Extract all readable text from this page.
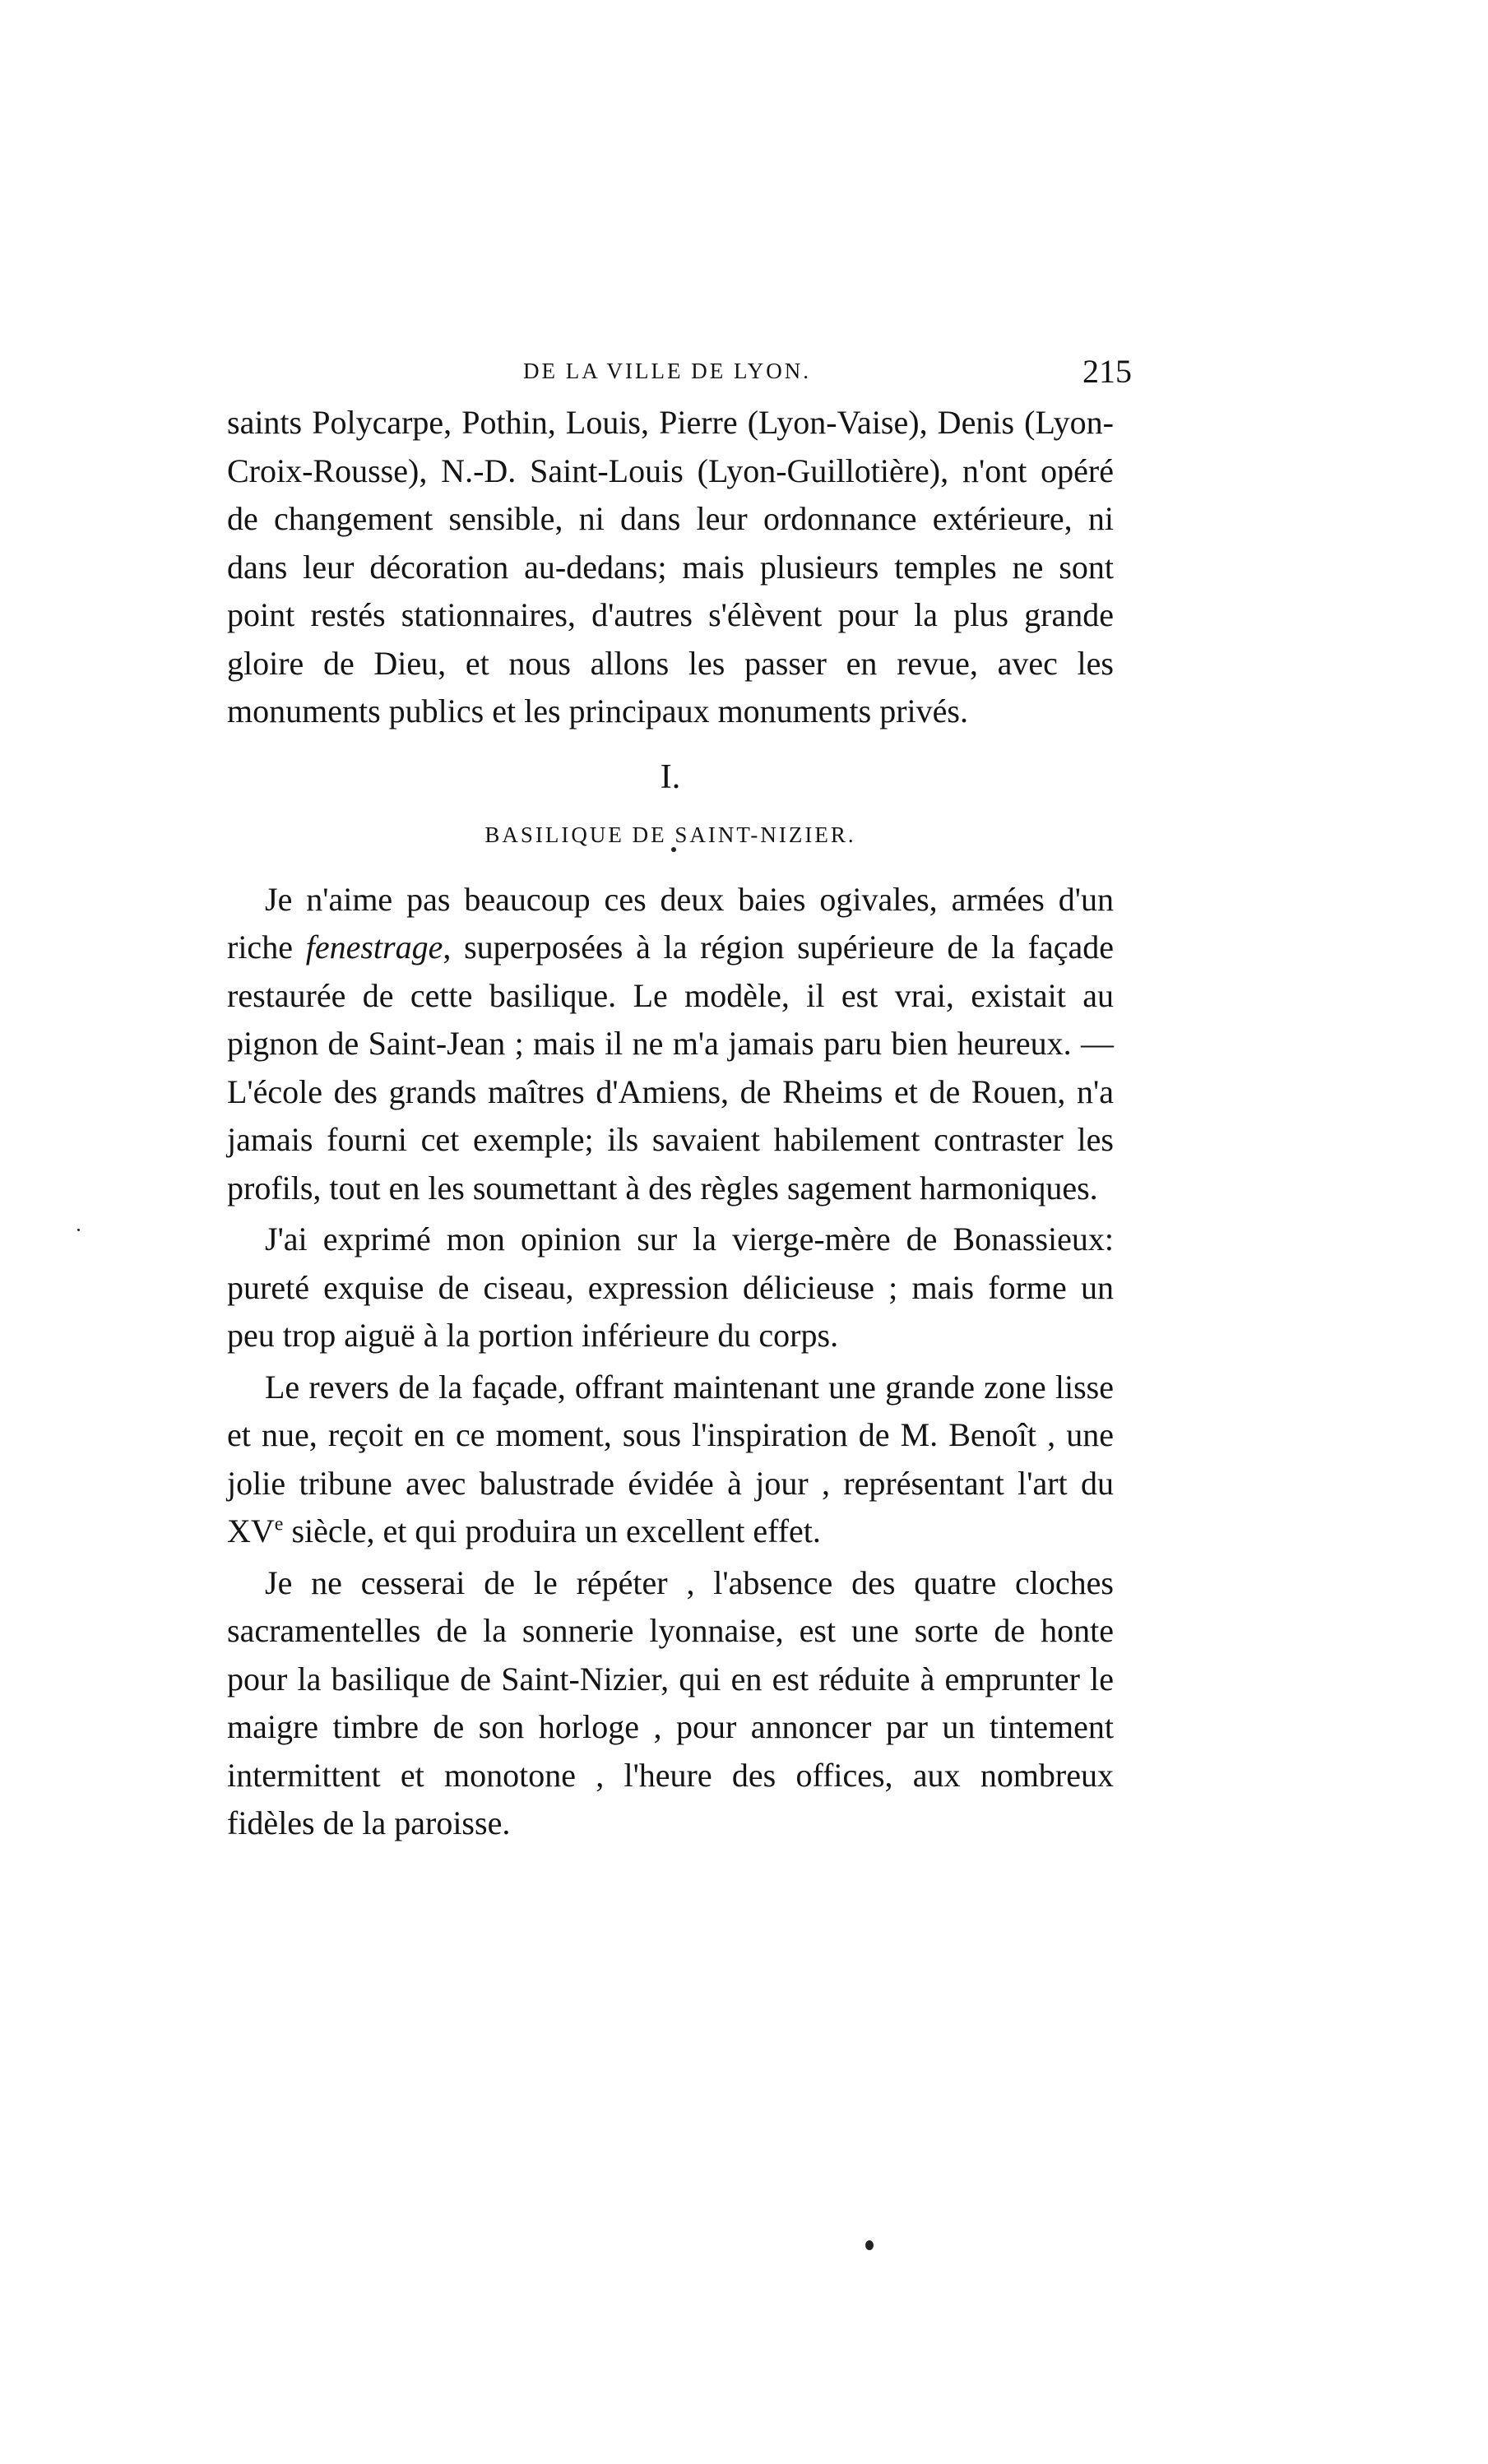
DE LA VILLE DE LYON.	215

saints Polycarpe, Pothin, Louis, Pierre (Lyon-Vaise), Denis (Lyon-Croix-Rousse), N.-D. Saint-Louis (Lyon-Guillotière), n'ont opéré de changement sensible, ni dans leur ordonnance extérieure, ni dans leur décoration au-dedans; mais plusieurs temples ne sont point restés stationnaires, d'autres s'élèvent pour la plus grande gloire de Dieu, et nous allons les passer en revue, avec les monuments publics et les principaux monuments privés.

I.
BASILIQUE DE SAINT-NIZIER.

Je n'aime pas beaucoup ces deux baies ogivales, armées d'un riche fenestrage, superposées à la région supérieure de la façade restaurée de cette basilique. Le modèle, il est vrai, existait au pignon de Saint-Jean ; mais il ne m'a jamais paru bien heureux. — L'école des grands maîtres d'Amiens, de Rheims et de Rouen, n'a jamais fourni cet exemple; ils savaient habilement contraster les profils, tout en les soumettant à des règles sagement harmoniques.

J'ai exprimé mon opinion sur la vierge-mère de Bonassieux: pureté exquise de ciseau, expression délicieuse ; mais forme un peu trop aiguë à la portion inférieure du corps.

Le revers de la façade, offrant maintenant une grande zone lisse et nue, reçoit en ce moment, sous l'inspiration de M. Benoît , une jolie tribune avec balustrade évidée à jour , représentant l'art du XVe siècle, et qui produira un excellent effet.

Je ne cesserai de le répéter , l'absence des quatre cloches sacramentelles de la sonnerie lyonnaise, est une sorte de honte pour la basilique de Saint-Nizier, qui en est réduite à emprunter le maigre timbre de son horloge , pour annoncer par un tintement intermittent et monotone , l'heure des offices, aux nombreux fidèles de la paroisse.
